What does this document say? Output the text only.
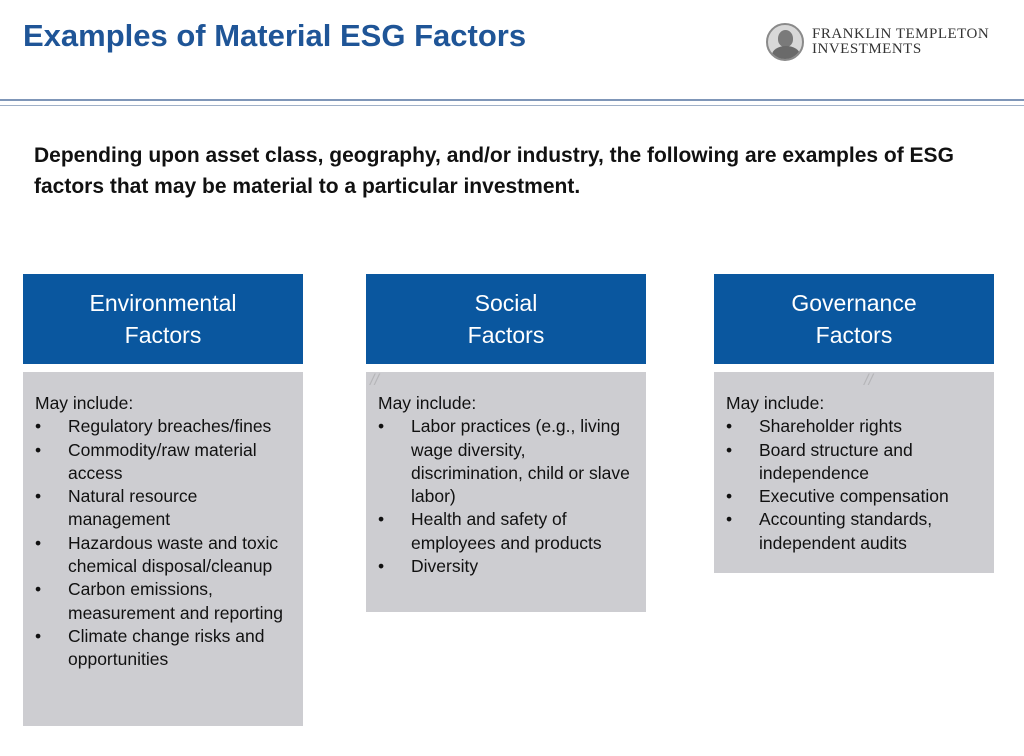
Examples of Material ESG Factors	FRANKLIN TEMPLETON
INVESTMENTS
Depending upon asset class, geography, and/or industry, the following are examples of ESG factors that may be material to a particular investment.
Environmental
Factors
May include:
• Regulatory breaches/fines
• Commodity/raw material access
• Natural resource management
• Hazardous waste and toxic chemical disposal/cleanup
• Carbon emissions, measurement and reporting
• Climate change risks and opportunities
Social
Factors
May include:
• Labor practices (e.g., living wage diversity, discrimination, child or slave labor)
• Health and safety of employees and products
• Diversity
//
Governance
Factors
May include:
• Shareholder rights
• Board structure and independence
• Executive compensation
• Accounting standards, independent audits
//
